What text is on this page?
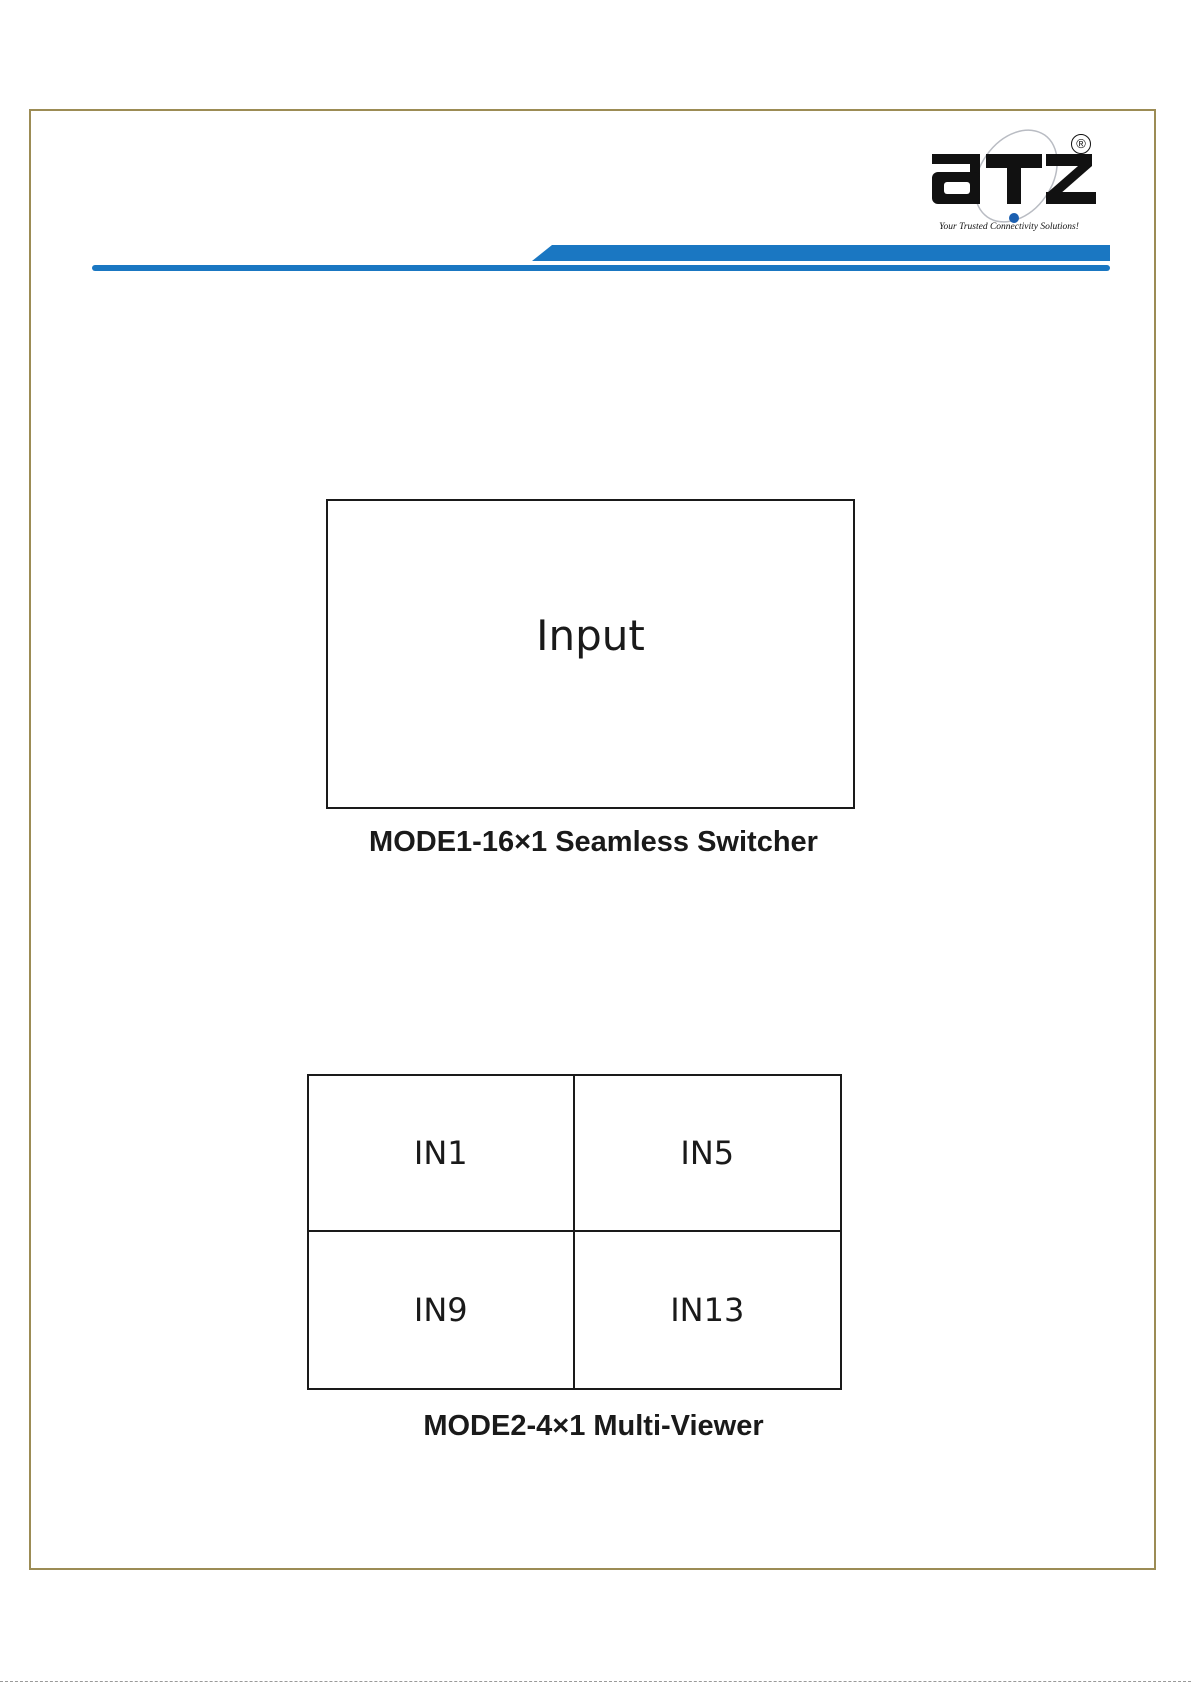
®
Your Trusted Connectivity Solutions!
Input
MODE1-16×1 Seamless Switcher
IN1	IN5
IN9	IN13
MODE2-4×1 Multi-Viewer
